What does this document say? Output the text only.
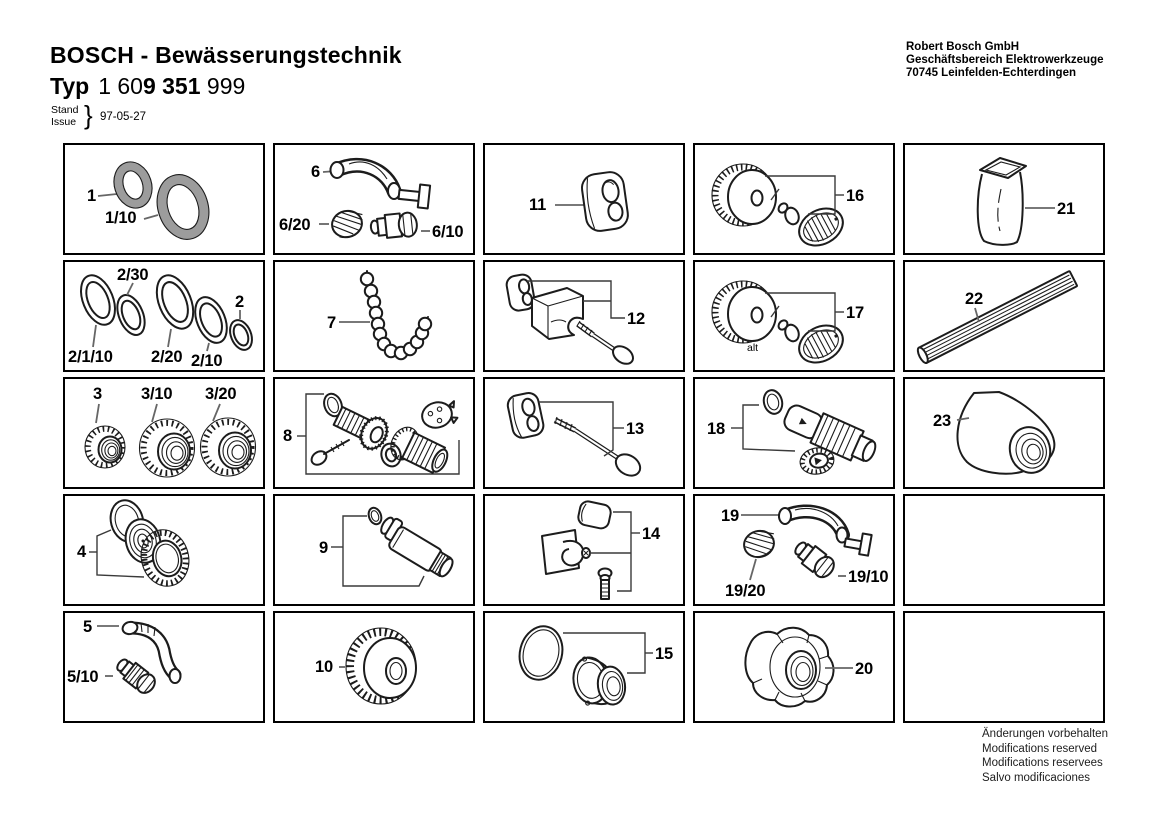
BOSCH - Bewässerungstechnik
Typ 1 609 351 999
Stand
Issue } 97-05-27
Robert Bosch GmbH
Geschäftsbereich Elektrowerkzeuge
70745 Leinfelden-Echterdingen
1
1/10
6
6/20	6/10
11	16
21
2/30
2
2/1/10 2/20 2/10
7	12	17
alt
22
3 3/10 3/20
8	13	18	23
4	9
14
19
19/20
19/10
5
5/10
10
15
20
Änderungen vorbehalten
Modifications reserved
Modifications reservees
Salvo modificaciones
